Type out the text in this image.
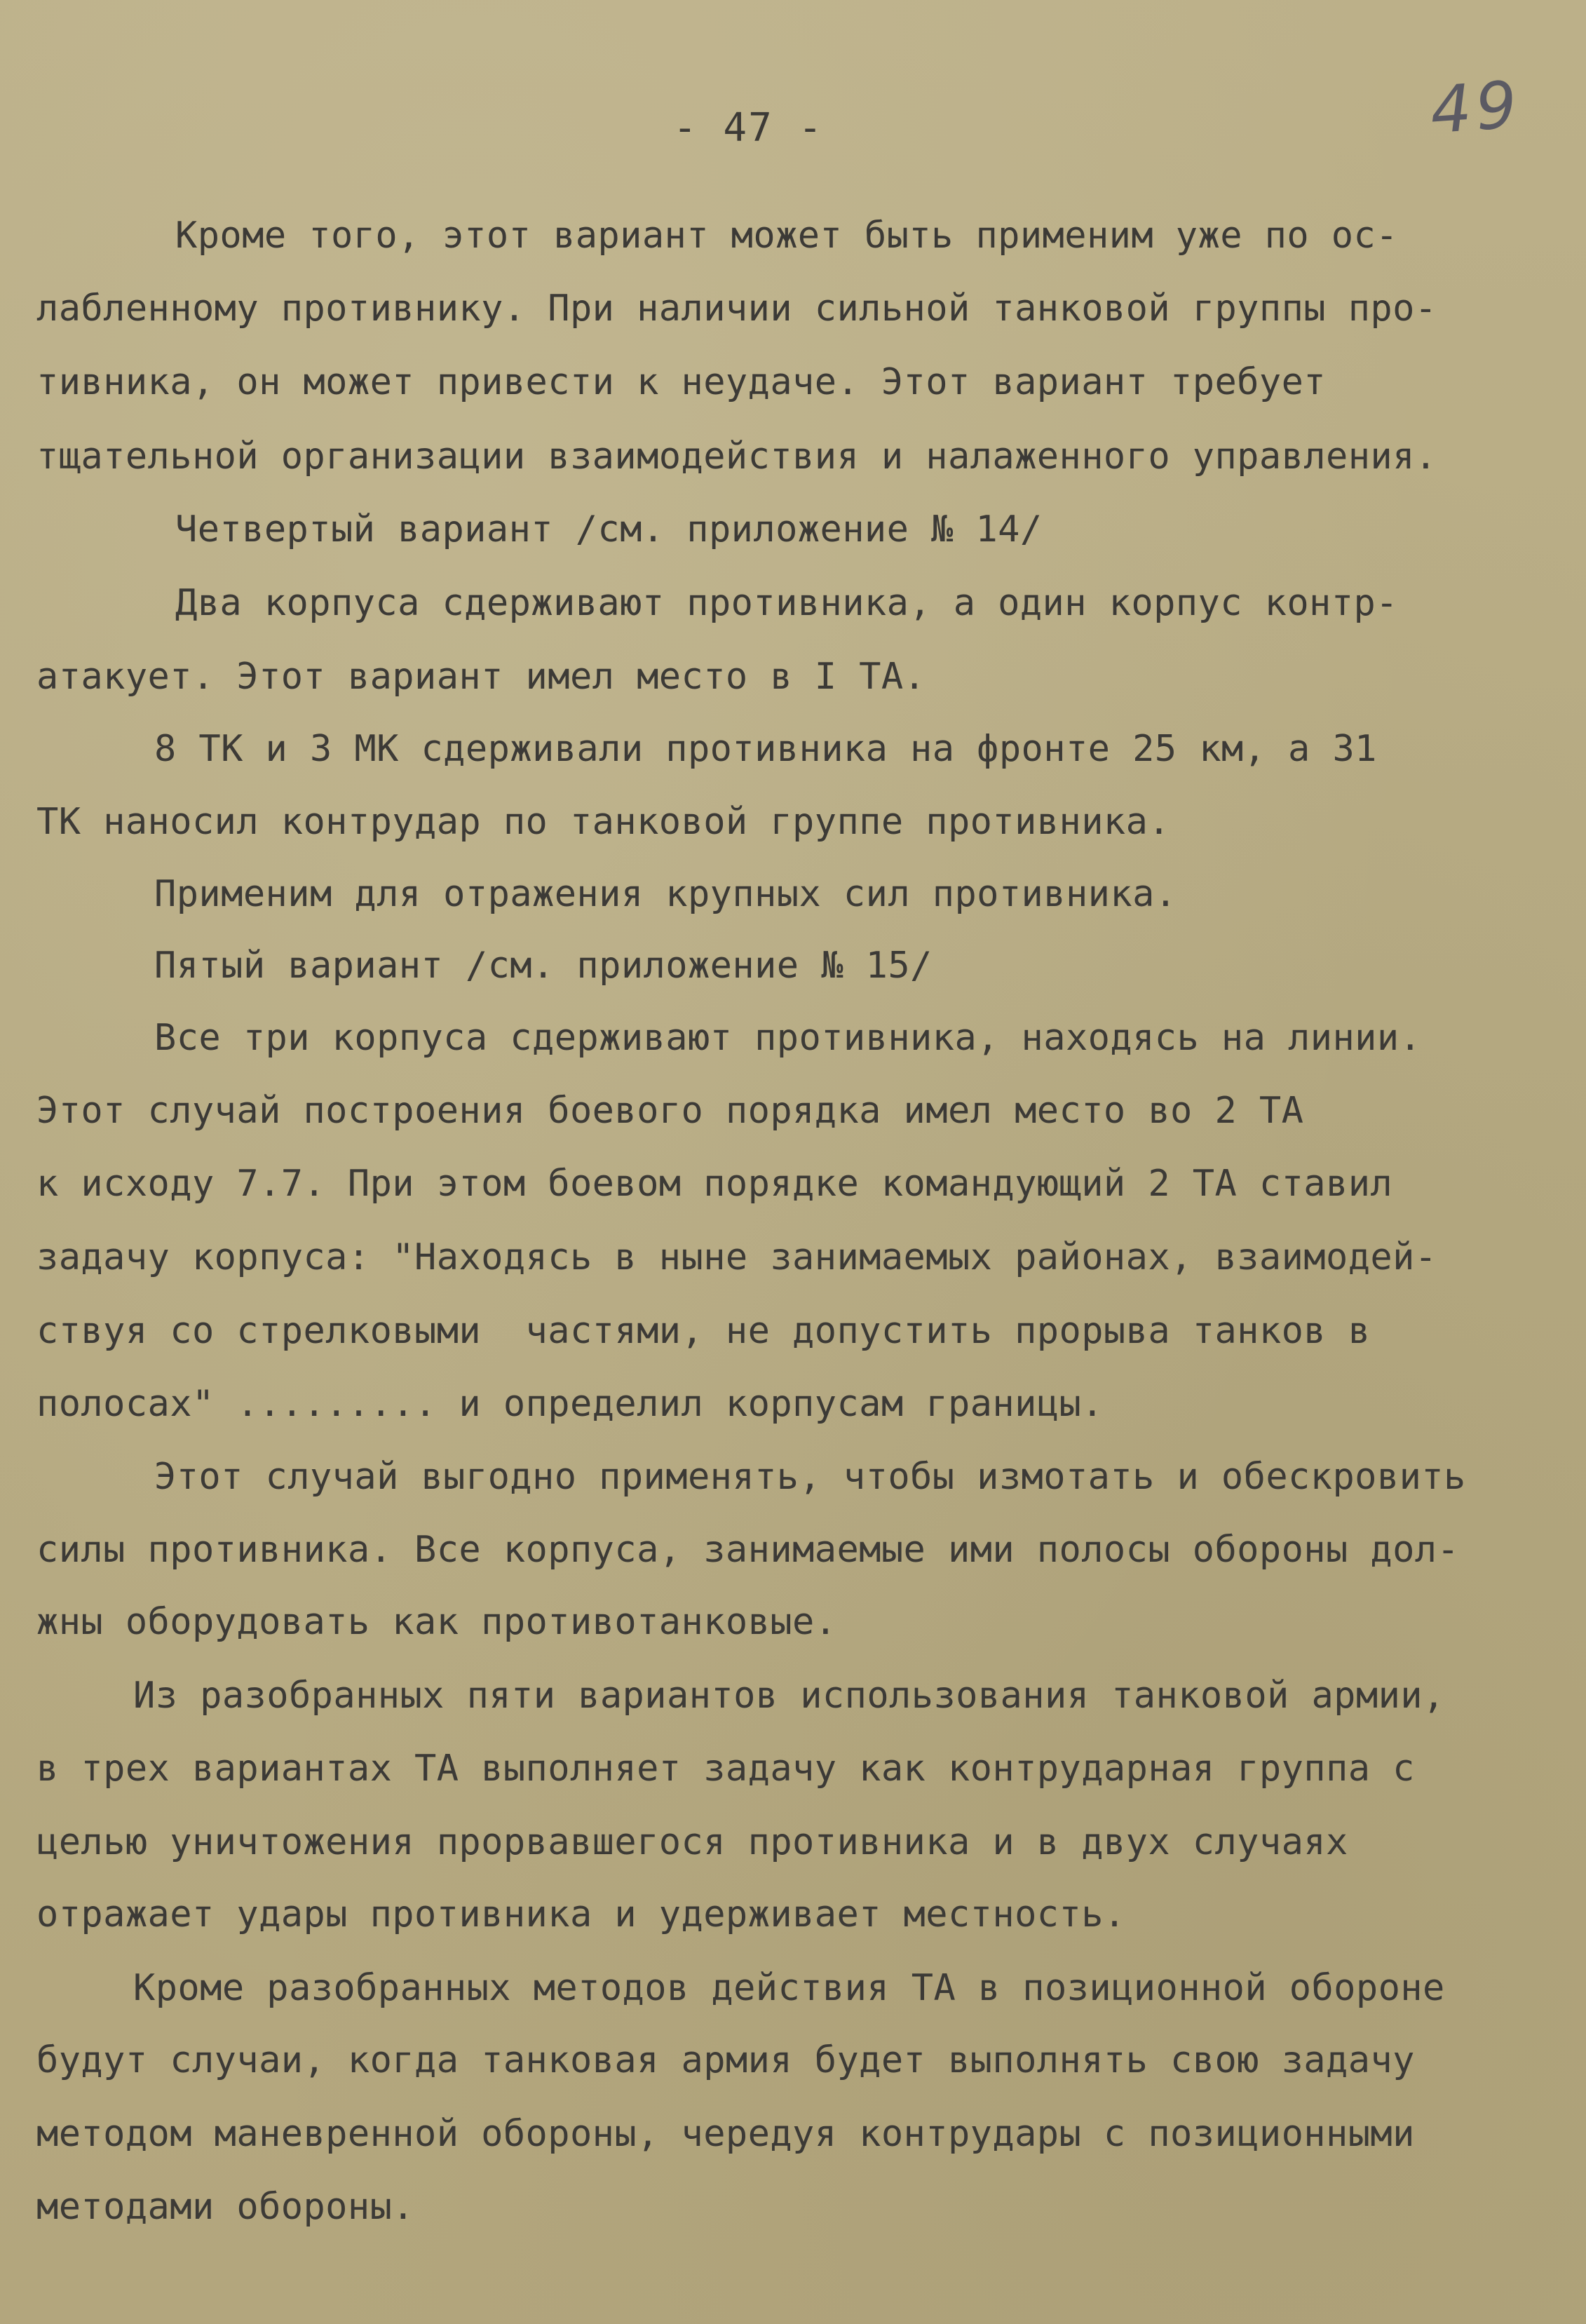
49
- 47 -
Кроме того, этот вариант может быть применим уже по ос-
лабленному противнику. При наличии сильной танковой группы про-
тивника, он может привести к неудаче. Этот вариант требует
тщательной организации взаимодействия и налаженного управления.
Четвертый вариант /см. приложение № 14/
Два корпуса сдерживают противника, а один корпус контр-
атакует. Этот вариант имел место в I ТА.
8 ТК и 3 МК сдерживали противника на фронте 25 км, а 31
ТК наносил контрудар по танковой группе противника.
Применим для отражения крупных сил противника.
Пятый вариант /см. приложение № 15/
Все три корпуса сдерживают противника, находясь на линии.
Этот случай построения боевого порядка имел место во 2 ТА
к исходу 7.7. При этом боевом порядке командующий 2 ТА ставил
задачу корпуса: "Находясь в ныне занимаемых районах, взаимодей-
ствуя со стрелковыми  частями, не допустить прорыва танков в
полосах" ......... и определил корпусам границы.
Этот случай выгодно применять, чтобы измотать и обескровить
силы противника. Все корпуса, занимаемые ими полосы обороны дол-
жны оборудовать как противотанковые.
Из разобранных пяти вариантов использования танковой армии,
в трех вариантах ТА выполняет задачу как контрударная группа с
целью уничтожения прорвавшегося противника и в двух случаях
отражает удары противника и удерживает местность.
Кроме разобранных методов действия ТА в позиционной обороне
будут случаи, когда танковая армия будет выполнять свою задачу
методом маневренной обороны, чередуя контрудары с позиционными
методами обороны.
